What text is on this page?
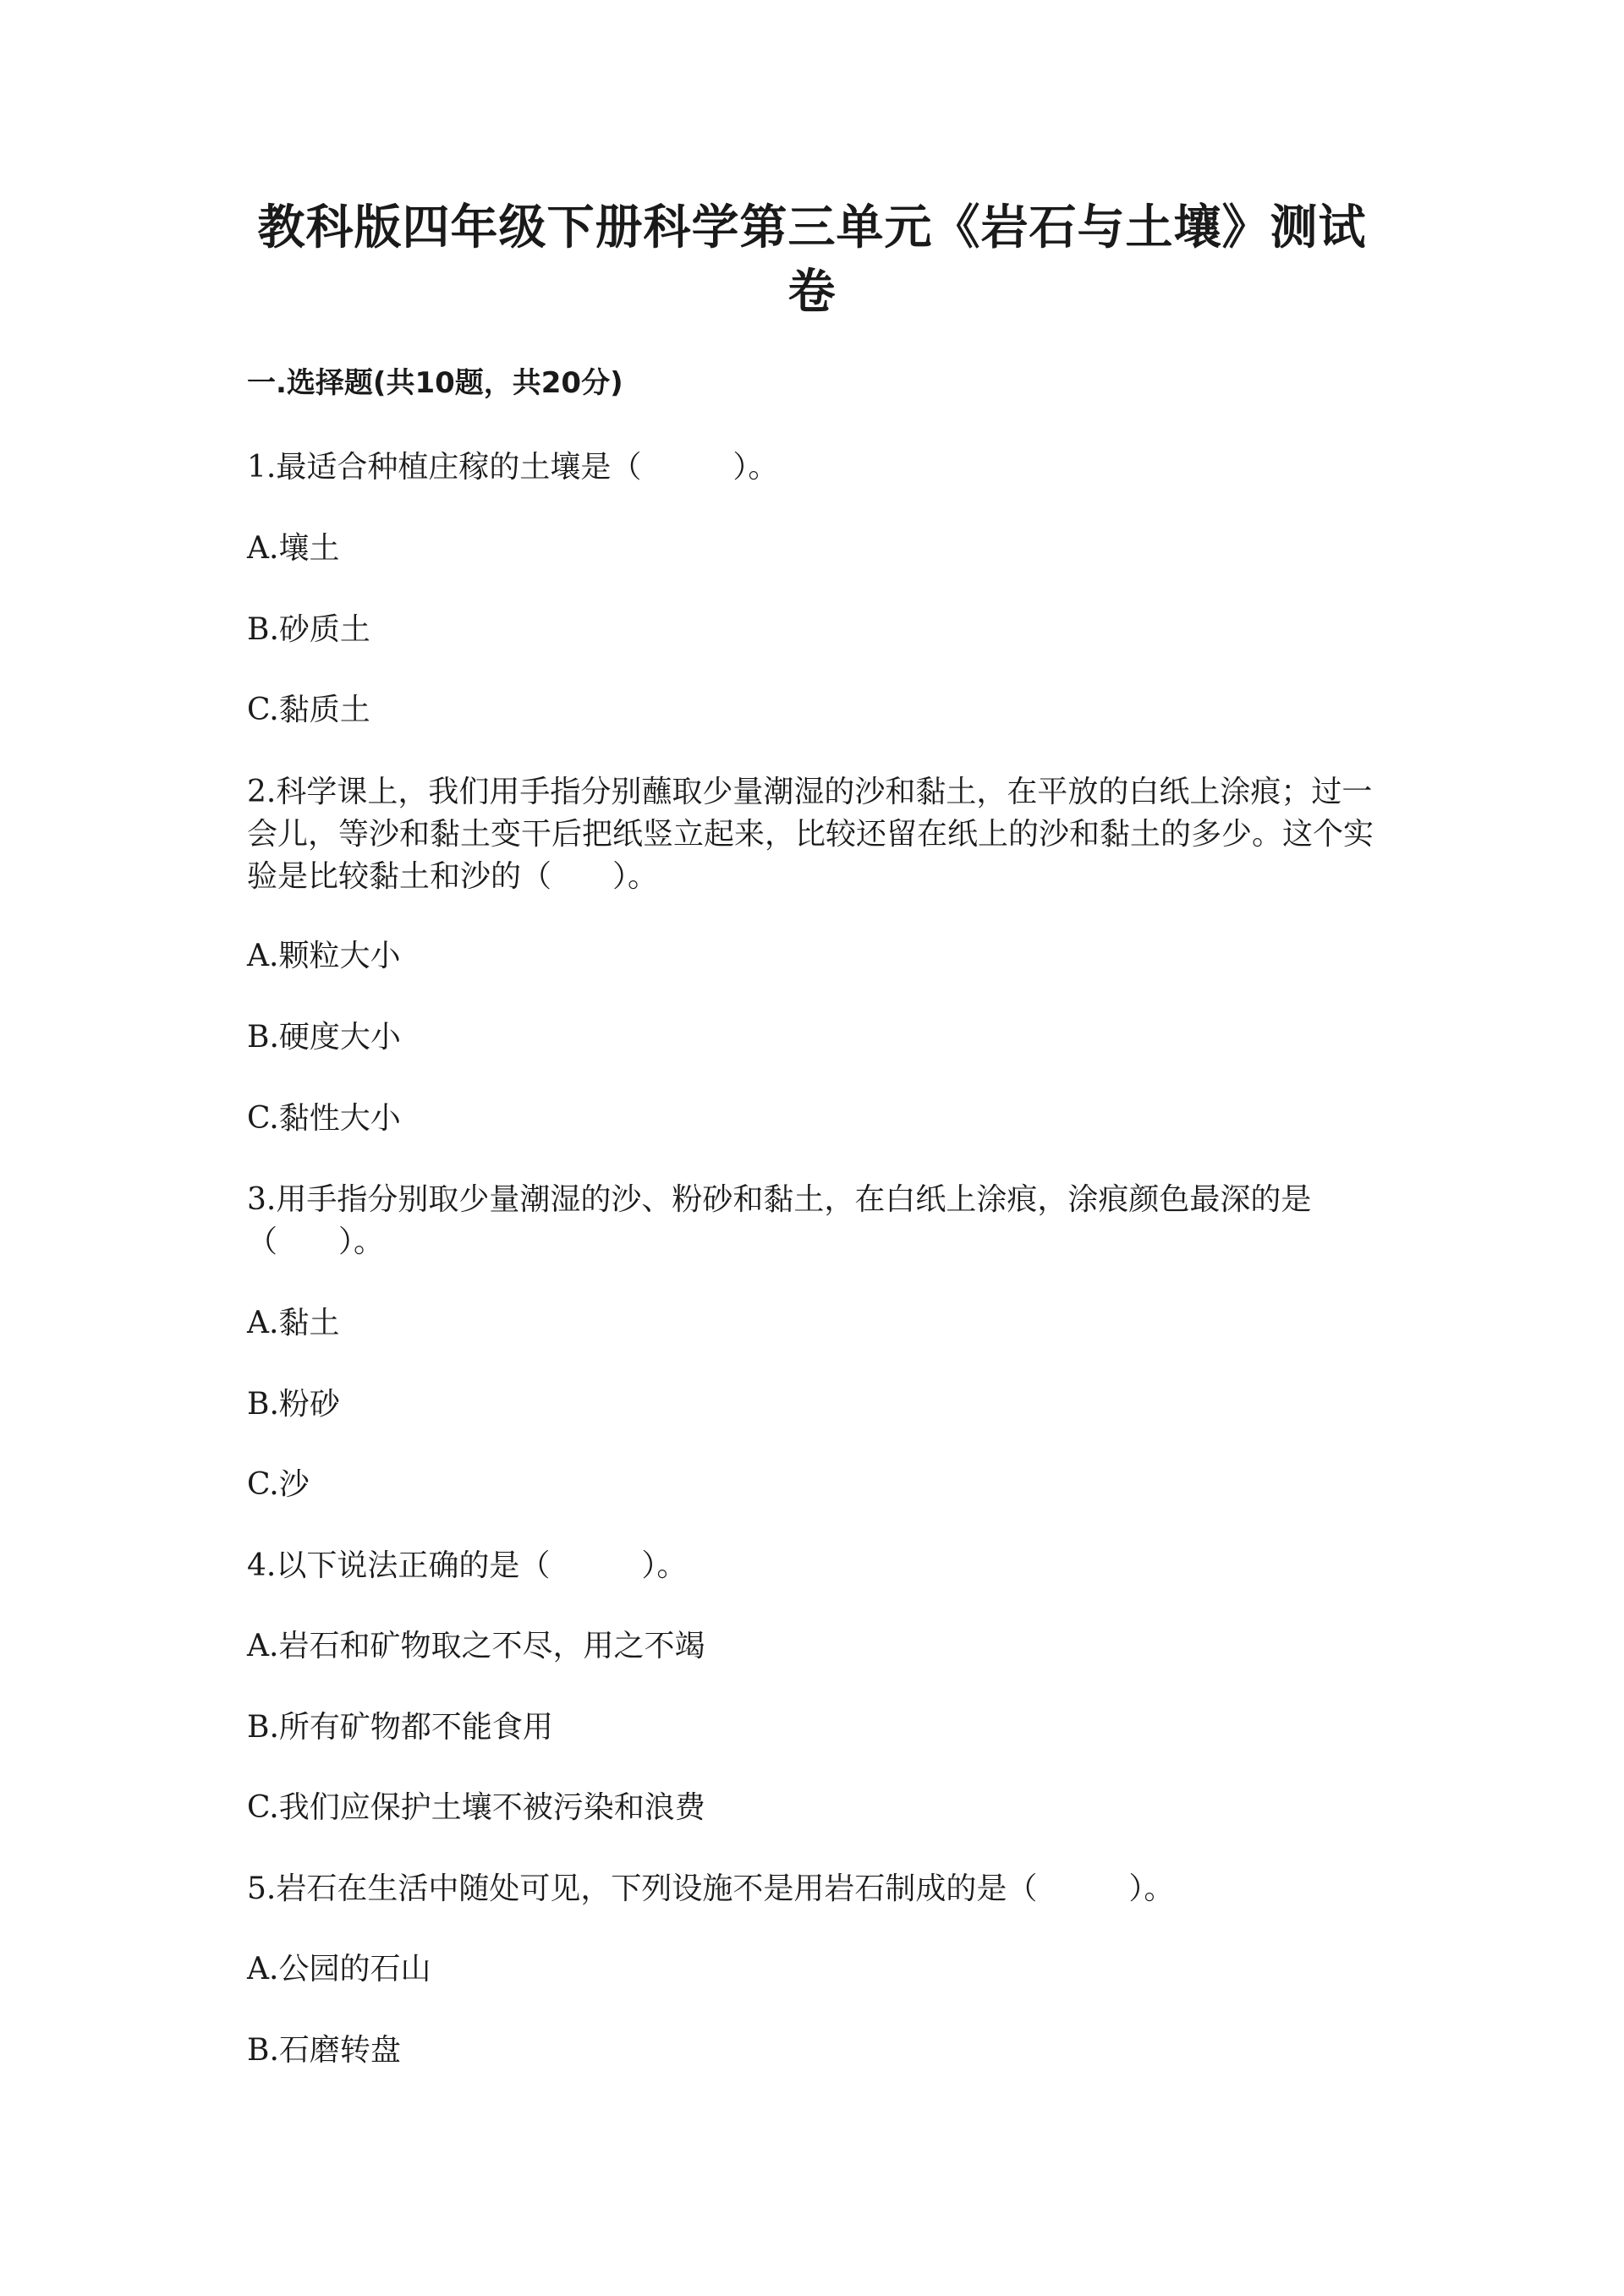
教科版四年级下册科学第三单元《岩石与土壤》测试卷
一.选择题(共10题，共20分)
1.最适合种植庄稼的土壤是（　　　）。
A.壤土
B.砂质土
C.黏质土
2.科学课上，我们用手指分别蘸取少量潮湿的沙和黏土，在平放的白纸上涂痕；过一会儿，等沙和黏土变干后把纸竖立起来，比较还留在纸上的沙和黏土的多少。这个实验是比较黏土和沙的（　　）。
A.颗粒大小
B.硬度大小
C.黏性大小
3.用手指分别取少量潮湿的沙、粉砂和黏土，在白纸上涂痕，涂痕颜色最深的是（　　）。
A.黏土
B.粉砂
C.沙
4.以下说法正确的是（　　　）。
A.岩石和矿物取之不尽，用之不竭
B.所有矿物都不能食用
C.我们应保护土壤不被污染和浪费
5.岩石在生活中随处可见，下列设施不是用岩石制成的是（　　　）。
A.公园的石山
B.石磨转盘
